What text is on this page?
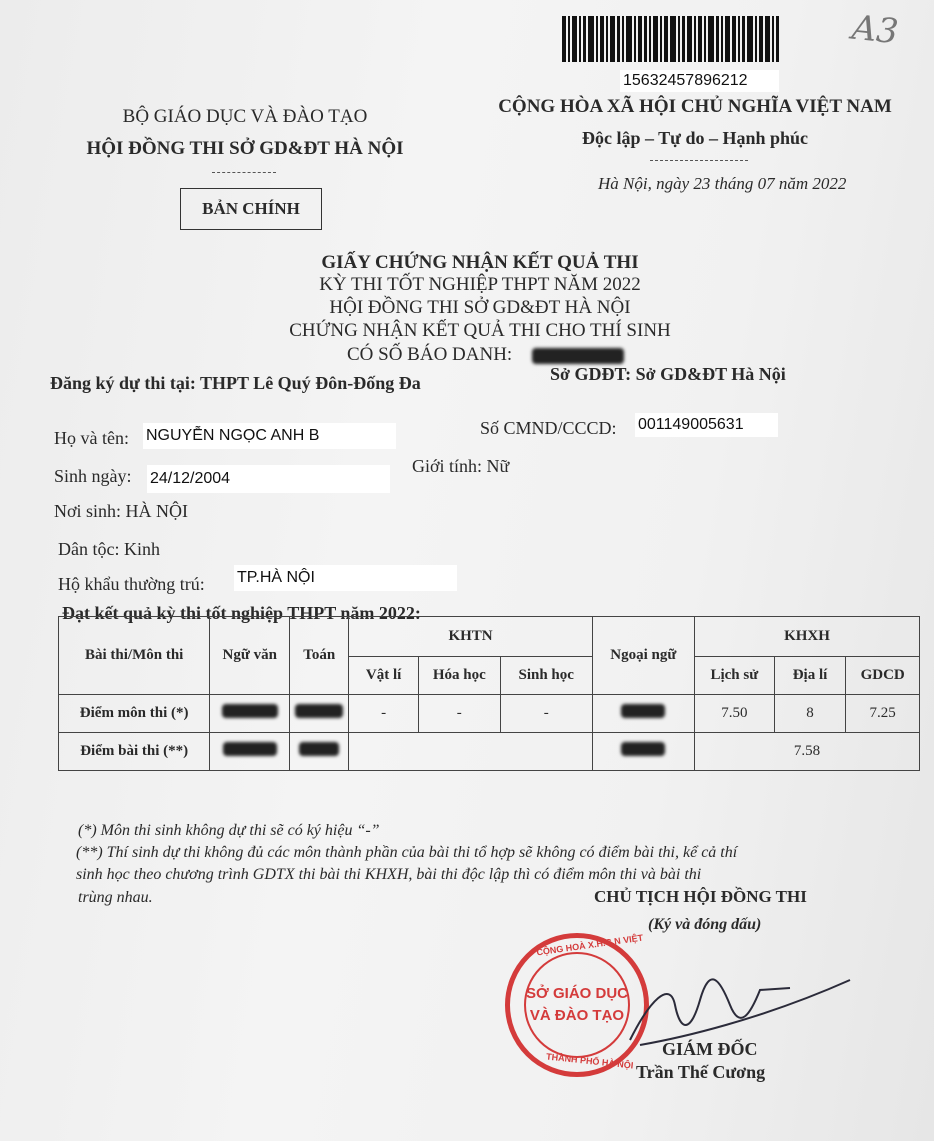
A3
15632457896212
BỘ GIÁO DỤC VÀ ĐÀO TẠO
HỘI ĐỒNG THI SỞ GD&ĐT HÀ NỘI
BẢN CHÍNH
CỘNG HÒA XÃ HỘI CHỦ NGHĨA VIỆT NAM
Độc lập – Tự do – Hạnh phúc
Hà Nội, ngày 23 tháng 07 năm 2022
GIẤY CHỨNG NHẬN KẾT QUẢ THI
KỲ THI TỐT NGHIỆP THPT NĂM 2022
HỘI ĐỒNG THI SỞ GD&ĐT HÀ NỘI
CHỨNG NHẬN KẾT QUẢ THI CHO THÍ SINH
CÓ SỐ BÁO DANH:
Đăng ký dự thi tại: THPT Lê Quý Đôn-Đống Đa	Sở GDĐT: Sở GD&ĐT Hà Nội
Họ và tên: NGUYỄN NGỌC ANH B	Số CMND/CCCD: 001149005631
Sinh ngày: 24/12/2004
Giới tính: Nữ
Nơi sinh: HÀ NỘI
Dân tộc: Kinh
Hộ khẩu thường trú: TP.HÀ NỘI
Đạt kết quả kỳ thi tốt nghiệp THPT năm 2022:
Bài thi/Môn thi	Ngữ văn	Toán	KHTN			Ngoại ngữ	KHXH		
			Vật lí	Hóa học	Sinh học		Lịch sử	Địa lí	GDCD
Điểm môn thi (*)			-	-	-		7.50	8	7.25
Điểm bài thi (**)							7.58		
(*) Môn thi sinh không dự thi sẽ có ký hiệu “-”
(**) Thí sinh dự thi không đủ các môn thành phần của bài thi tổ hợp sẽ không có điểm bài thi, kể cả thí
sinh học theo chương trình GDTX thi bài thi KHXH, bài thi độc lập thì có điểm môn thi và bài thi
trùng nhau.	CHỦ TỊCH HỘI ĐỒNG THI
(Ký và đóng dấu)
SỞ GIÁO DỤC
VÀ ĐÀO TẠO
CỘNG HOÀ X.H.C.N VIỆT
THÀNH PHỐ HÀ NỘI
GIÁM ĐỐC
Trần Thế Cương
